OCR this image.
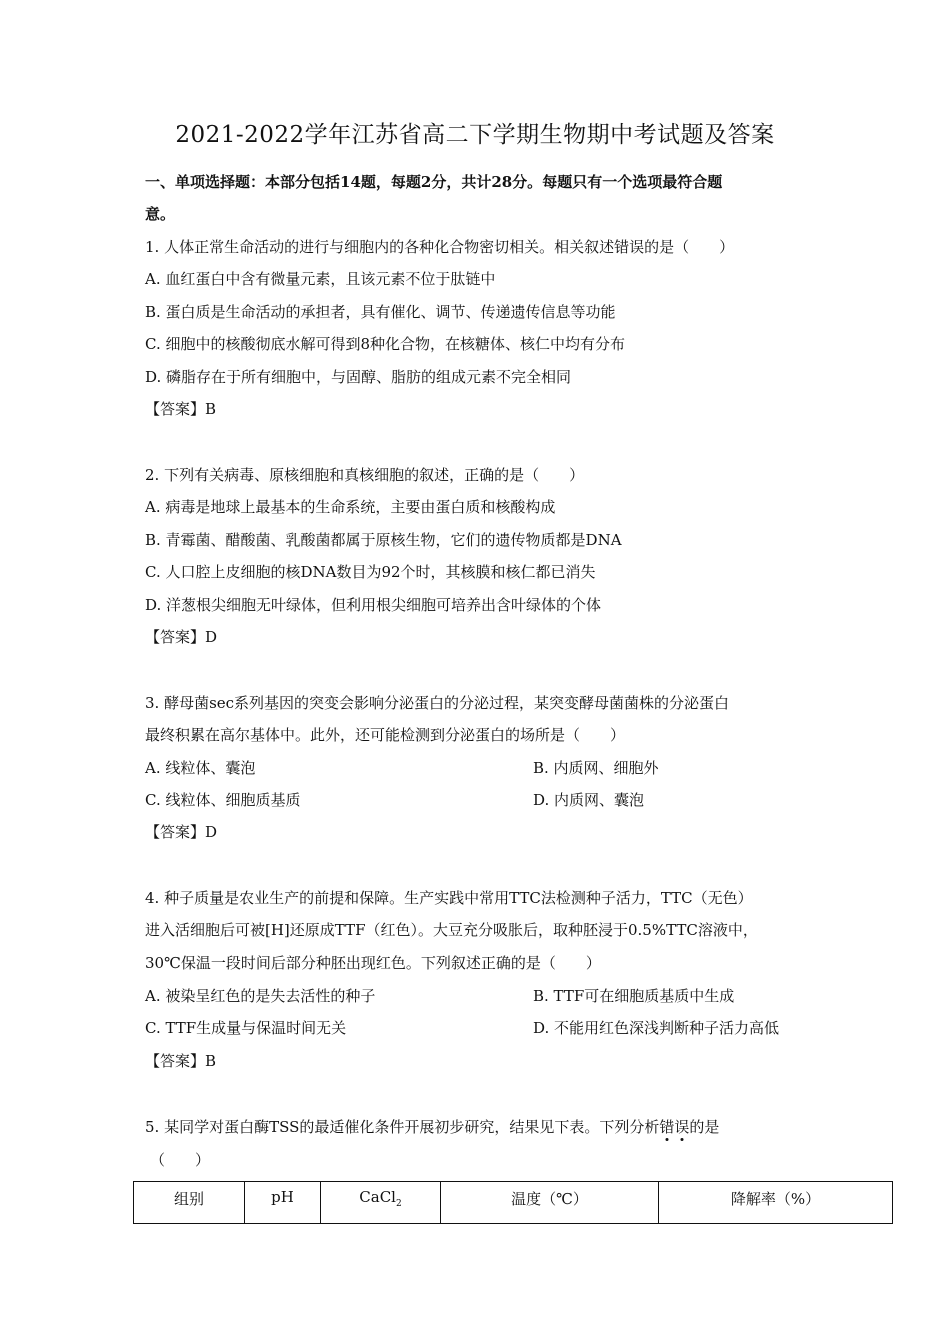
2021-2022学年江苏省高二下学期生物期中考试题及答案
一、单项选择题：本部分包括14题，每题2分，共计28分。每题只有一个选项最符合题
意。
1. 人体正常生命活动的进行与细胞内的各种化合物密切相关。相关叙述错误的是（　　）
A. 血红蛋白中含有微量元素，且该元素不位于肽链中
B. 蛋白质是生命活动的承担者，具有催化、调节、传递遗传信息等功能
C. 细胞中的核酸彻底水解可得到8种化合物，在核糖体、核仁中均有分布
D. 磷脂存在于所有细胞中，与固醇、脂肪的组成元素不完全相同
【答案】B
2. 下列有关病毒、原核细胞和真核细胞的叙述，正确的是（　　）
A. 病毒是地球上最基本的生命系统，主要由蛋白质和核酸构成
B. 青霉菌、醋酸菌、乳酸菌都属于原核生物，它们的遗传物质都是DNA
C. 人口腔上皮细胞的核DNA数目为92个时，其核膜和核仁都已消失
D. 洋葱根尖细胞无叶绿体，但利用根尖细胞可培养出含叶绿体的个体
【答案】D
3. 酵母菌sec系列基因的突变会影响分泌蛋白的分泌过程，某突变酵母菌菌株的分泌蛋白
最终积累在高尔基体中。此外，还可能检测到分泌蛋白的场所是（　　）
A. 线粒体、囊泡	B. 内质网、细胞外
C. 线粒体、细胞质基质	D. 内质网、囊泡
【答案】D
4. 种子质量是农业生产的前提和保障。生产实践中常用TTC法检测种子活力，TTC（无色）
进入活细胞后可被[H]还原成TTF（红色）。大豆充分吸胀后，取种胚浸于0.5%TTC溶液中，
30℃保温一段时间后部分种胚出现红色。下列叙述正确的是（　　）
A. 被染呈红色的是失去活性的种子	B. TTF可在细胞质基质中生成
C. TTF生成量与保温时间无关	D. 不能用红色深浅判断种子活力高低
【答案】B
5. 某同学对蛋白酶TSS的最适催化条件开展初步研究，结果见下表。下列分析错
误
的是
（　　）
组别	pH	CaCl$_2$	温度（℃）	降解率（%）
